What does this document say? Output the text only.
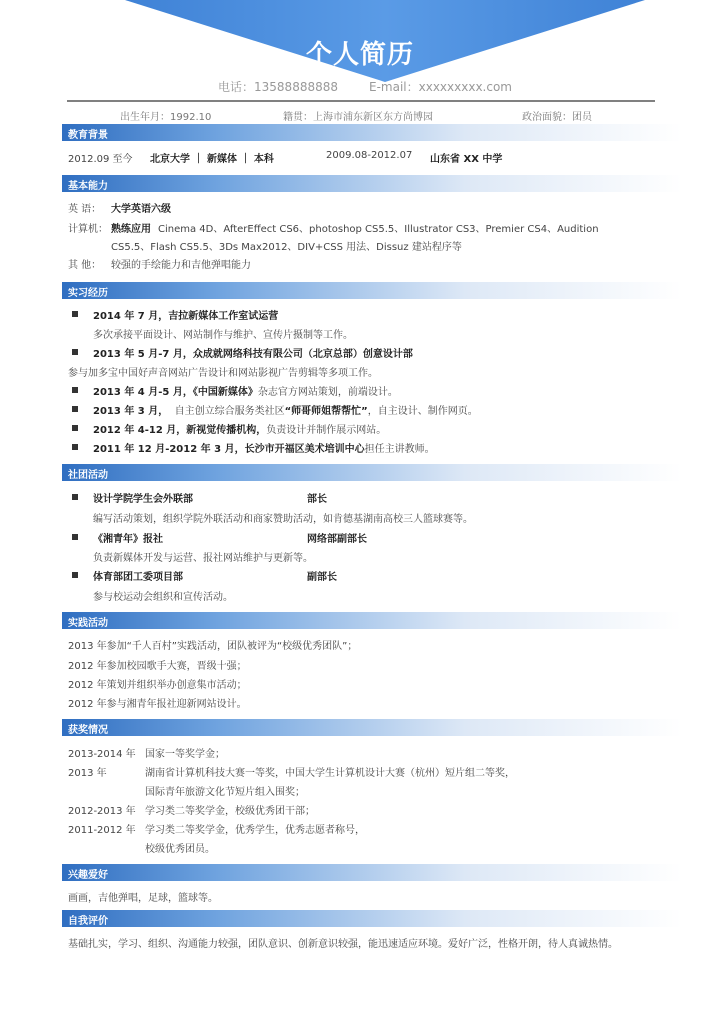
个人简历
电话：13588888888	E-mail：xxxxxxxxx.com
出生年月：1992.10	籍贯：上海市浦东新区东方尚博园	政治面貌：团员
教育背景
2012.09 至今 北京大学 ｜ 新媒体 ｜ 本科	2009.08-2012.07 山东省 XX 中学
基本能力
英 语： 大学英语六级
计算机： 熟练应用 Cinema 4D、AfterEffect CS6、photoshop CS5.5、Illustrator CS3、Premier CS4、Audition
CS5.5、Flash CS5.5、3Ds Max2012、DIV+CSS 用法、Dissuz 建站程序等
其 他： 较强的手绘能力和吉他弹唱能力
实习经历
2014 年 7 月，吉拉新媒体工作室试运营
多次承接平面设计、网站制作与维护、宣传片摄制等工作。
2013 年 5 月-7 月，众成就网络科技有限公司（北京总部）创意设计部
参与加多宝中国好声音网站广告设计和网站影视广告剪辑等多项工作。
2013 年 4 月-5 月，《中国新媒体》杂志官方网站策划，前端设计。
2013 年 3 月， 自主创立综合服务类社区“师哥师姐帮帮忙”，自主设计、制作网页。
2012 年 4-12 月，新视觉传播机构，负责设计并制作展示网站。
2011 年 12 月-2012 年 3 月，长沙市开福区美术培训中心担任主讲教师。
社团活动
设计学院学生会外联部	部长
编写活动策划，组织学院外联活动和商家赞助活动，如肯德基湖南高校三人篮球赛等。
《湘青年》报社	网络部副部长
负责新媒体开发与运营、报社网站维护与更新等。
体育部团工委项目部	副部长
参与校运动会组织和宣传活动。
实践活动
2013 年参加“千人百村”实践活动，团队被评为“校级优秀团队”；
2012 年参加校园歌手大赛，晋级十强；
2012 年策划并组织举办创意集市活动；
2012 年参与湘青年报社迎新网站设计。
获奖情况
2013-2014 年 国家一等奖学金；
2013 年	湖南省计算机科技大赛一等奖，中国大学生计算机设计大赛（杭州）短片组二等奖，
国际青年旅游文化节短片组入围奖；
2012-2013 年 学习类二等奖学金，校级优秀团干部；
2011-2012 年 学习类二等奖学金，优秀学生，优秀志愿者称号，
校级优秀团员。
兴趣爱好
画画，吉他弹唱，足球，篮球等。
自我评价
基础扎实，学习、组织、沟通能力较强，团队意识、创新意识较强，能迅速适应环境。爱好广泛，性格开朗，待人真诚热情。
